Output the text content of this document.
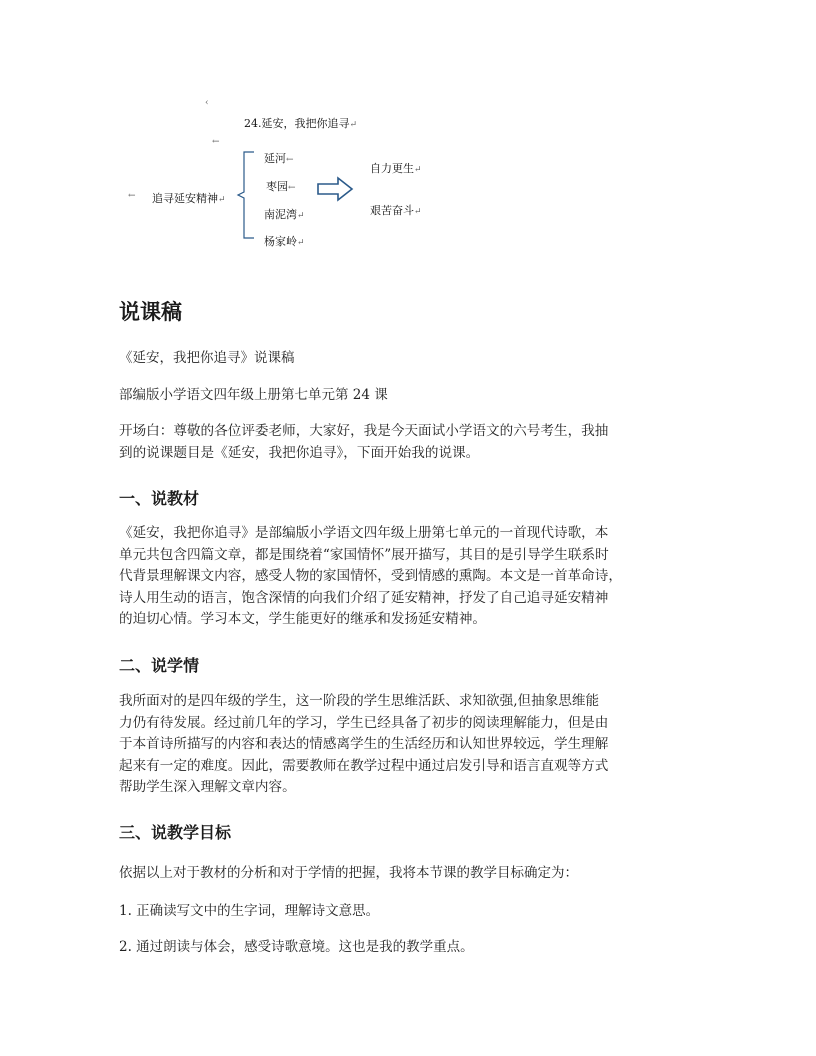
‹
24.延安，我把你追寻↵
←
← 追寻延安精神↵
延河←
枣园←
南泥湾↵
杨家岭↵
自力更生↵
艰苦奋斗↵
说课稿
《延安，我把你追寻》说课稿
部编版小学语文四年级上册第七单元第 24 课
开场白：尊敬的各位评委老师，大家好，我是今天面试小学语文的六号考生，我抽
到的说课题目是《延安，我把你追寻》，下面开始我的说课。
一、说教材
《延安，我把你追寻》是部编版小学语文四年级上册第七单元的一首现代诗歌，本
单元共包含四篇文章，都是围绕着“家国情怀”展开描写，其目的是引导学生联系时
代背景理解课文内容，感受人物的家国情怀，受到情感的熏陶。本文是一首革命诗，
诗人用生动的语言，饱含深情的向我们介绍了延安精神，抒发了自己追寻延安精神
的迫切心情。学习本文，学生能更好的继承和发扬延安精神。
二、说学情
我所面对的是四年级的学生，这一阶段的学生思维活跃、求知欲强,但抽象思维能
力仍有待发展。经过前几年的学习，学生已经具备了初步的阅读理解能力，但是由
于本首诗所描写的内容和表达的情感离学生的生活经历和认知世界较远，学生理解
起来有一定的难度。因此，需要教师在教学过程中通过启发引导和语言直观等方式
帮助学生深入理解文章内容。
三、说教学目标
依据以上对于教材的分析和对于学情的把握，我将本节课的教学目标确定为：
1. 正确读写文中的生字词，理解诗文意思。
2. 通过朗读与体会，感受诗歌意境。这也是我的教学重点。
